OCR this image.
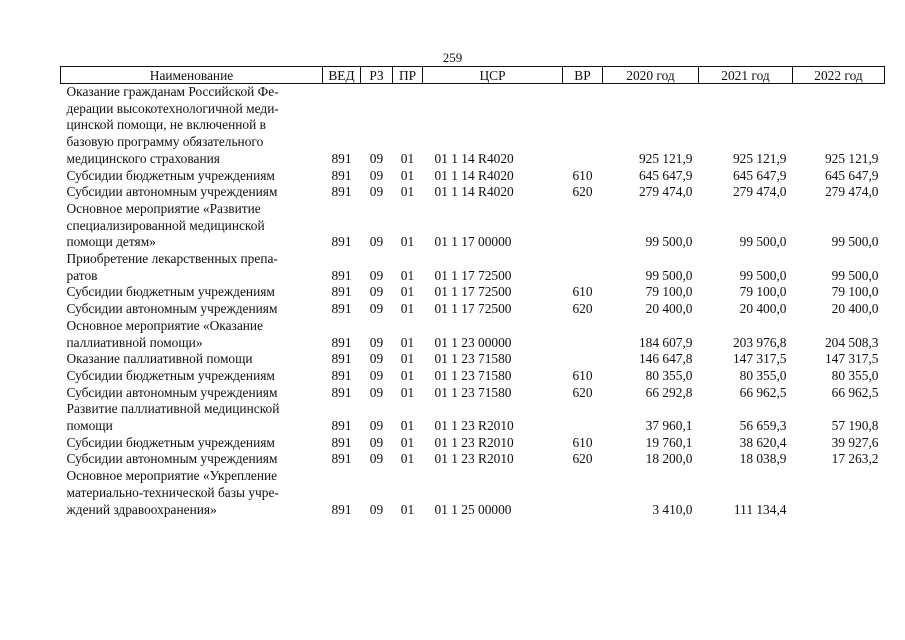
259
Наименование	ВЕД	РЗ	ПР	ЦСР	ВР	2020 год	2021 год	2022 год

Оказание гражданам Российской Фе-
дерации высокотехнологичной меди-
цинской помощи, не включенной в
базовую программу обязательного
медицинского страхования	891	09	01	01 1 14 R4020		925 121,9	925 121,9	925 121,9

Субсидии бюджетным учреждениям	891	09	01	01 1 14 R4020	610	645 647,9	645 647,9	645 647,9

Субсидии автономным учреждениям	891	09	01	01 1 14 R4020	620	279 474,0	279 474,0	279 474,0

Основное мероприятие «Развитие
специализированной медицинской
помощи детям»	891	09	01	01 1 17 00000		99 500,0	99 500,0	99 500,0

Приобретение лекарственных препа-
ратов	891	09	01	01 1 17 72500		99 500,0	99 500,0	99 500,0

Субсидии бюджетным учреждениям	891	09	01	01 1 17 72500	610	79 100,0	79 100,0	79 100,0

Субсидии автономным учреждениям	891	09	01	01 1 17 72500	620	20 400,0	20 400,0	20 400,0

Основное мероприятие «Оказание
паллиативной помощи»	891	09	01	01 1 23 00000		184 607,9	203 976,8	204 508,3

Оказание паллиативной помощи	891	09	01	01 1 23 71580		146 647,8	147 317,5	147 317,5

Субсидии бюджетным учреждениям	891	09	01	01 1 23 71580	610	80 355,0	80 355,0	80 355,0

Субсидии автономным учреждениям	891	09	01	01 1 23 71580	620	66 292,8	66 962,5	66 962,5

Развитие паллиативной медицинской
помощи	891	09	01	01 1 23 R2010		37 960,1	56 659,3	57 190,8

Субсидии бюджетным учреждениям	891	09	01	01 1 23 R2010	610	19 760,1	38 620,4	39 927,6

Субсидии автономным учреждениям	891	09	01	01 1 23 R2010	620	18 200,0	18 038,9	17 263,2

Основное мероприятие «Укрепление
материально-технической базы учре-
ждений здравоохранения»	891	09	01	01 1 25 00000		3 410,0	111 134,4	
